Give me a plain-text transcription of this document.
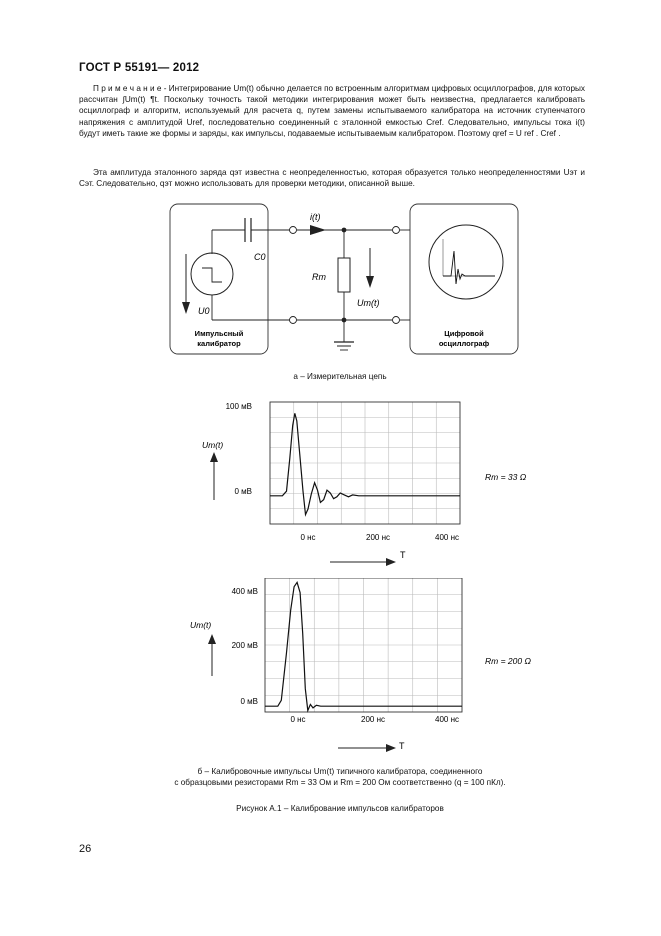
ГОСТ Р 55191— 2012

П р и м е ч а н и е - Интегрирование Um(t) обычно делается по встроенным алгоритмам цифровых осциллографов, для которых рассчитан ∫Um(t) ¶t. Поскольку точность такой методики интегрирования может быть неизвестна, предлагается калибровать осциллограф и алгоритм, используемый для расчета q, путем замены испытываемого калибратора на источник ступенчатого напряжения с амплитудой Uref, последовательно соединенный с эталонной емкостью Cref. Следовательно, импульсы тока i(t) будут иметь такие же формы и заряды, как импульсы, подаваемые испытываемым калибратором. Поэтому qref = U ref . Cref .

Эта амплитуда эталонного заряда qэт известна с неопределенностью, которая образуется только неопределенностями Uэт и Сэт. Следовательно, qэт можно использовать для проверки методики, описанной выше.

i(t)
C0
U0
Rm
Um(t)
Импульсный
калибратор
Цифровой
осциллограф
а – Измерительная цепь
100 мВ
0 мВ
0 нс	200 нс	400 нс
Um(t)
T
Rm = 33 Ω
400 мВ
200 мВ
0 мВ
0 нс	200 нс	400 нс
Um(t)
T
Rm = 200 Ω
б – Калибровочные импульсы Um(t) типичного калибратора, соединенного
с образцовыми резисторами Rm = 33 Ом и Rm = 200 Ом соответственно (q = 100 пКл).
Рисунок А.1 – Калибрование импульсов калибраторов
26
